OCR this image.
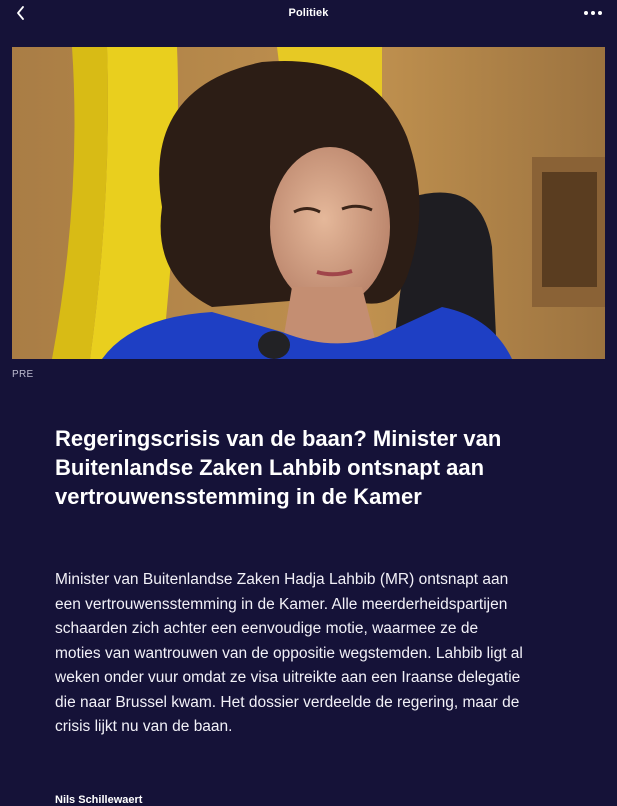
Politiek
PRE
Regeringscrisis van de baan? Minister van Buitenlandse Zaken Lahbib ontsnapt aan vertrouwensstemming in de Kamer

Minister van Buitenlandse Zaken Hadja Lahbib (MR) ontsnapt aan een vertrouwensstemming in de Kamer. Alle meerderheidspartijen schaarden zich achter een eenvoudige motie, waarmee ze de moties van wantrouwen van de oppositie wegstemden. Lahbib ligt al weken onder vuur omdat ze visa uitreikte aan een Iraanse delegatie die naar Brussel kwam. Het dossier verdeelde de regering, maar de crisis lijkt nu van de baan.

Nils Schillewaert
